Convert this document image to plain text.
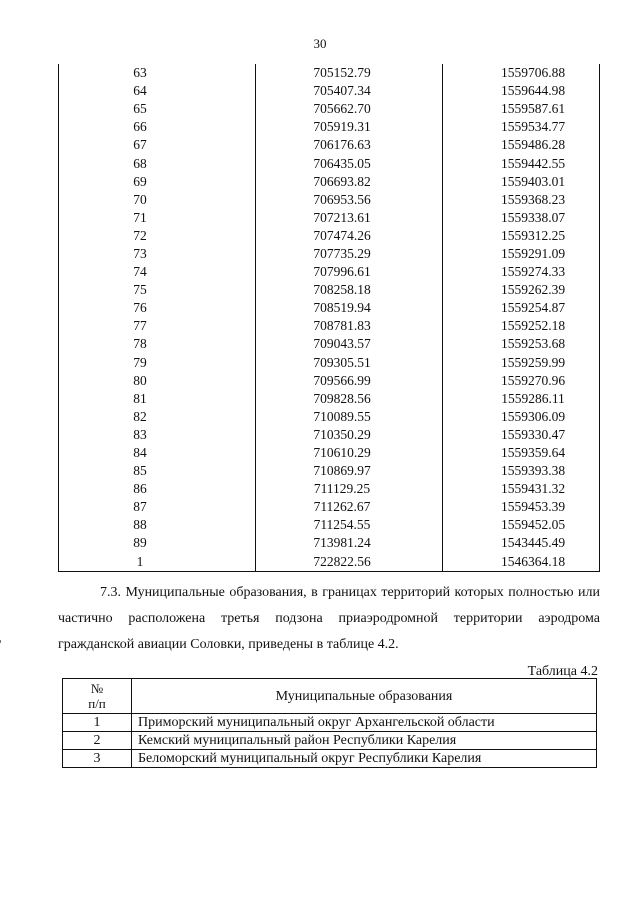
30
63	705152.79	1559706.88
64	705407.34	1559644.98
65	705662.70	1559587.61
66	705919.31	1559534.77
67	706176.63	1559486.28
68	706435.05	1559442.55
69	706693.82	1559403.01
70	706953.56	1559368.23
71	707213.61	1559338.07
72	707474.26	1559312.25
73	707735.29	1559291.09
74	707996.61	1559274.33
75	708258.18	1559262.39
76	708519.94	1559254.87
77	708781.83	1559252.18
78	709043.57	1559253.68
79	709305.51	1559259.99
80	709566.99	1559270.96
81	709828.56	1559286.11
82	710089.55	1559306.09
83	710350.29	1559330.47
84	710610.29	1559359.64
85	710869.97	1559393.38
86	711129.25	1559431.32
87	711262.67	1559453.39
88	711254.55	1559452.05
89	713981.24	1543445.49
1	722822.56	1546364.18

7.3. Муниципальные образования, в границах территорий которых полностью или частично расположена третья подзона приаэродромной территории аэродрома гражданской авиации Соловки, приведены в таблице 4.2.

Таблица 4.2
№
п/п	Муниципальные образования
1	Приморский муниципальный округ Архангельской области
2	Кемский муниципальный район Республики Карелия
3	Беломорский муниципальный округ Республики Карелия
